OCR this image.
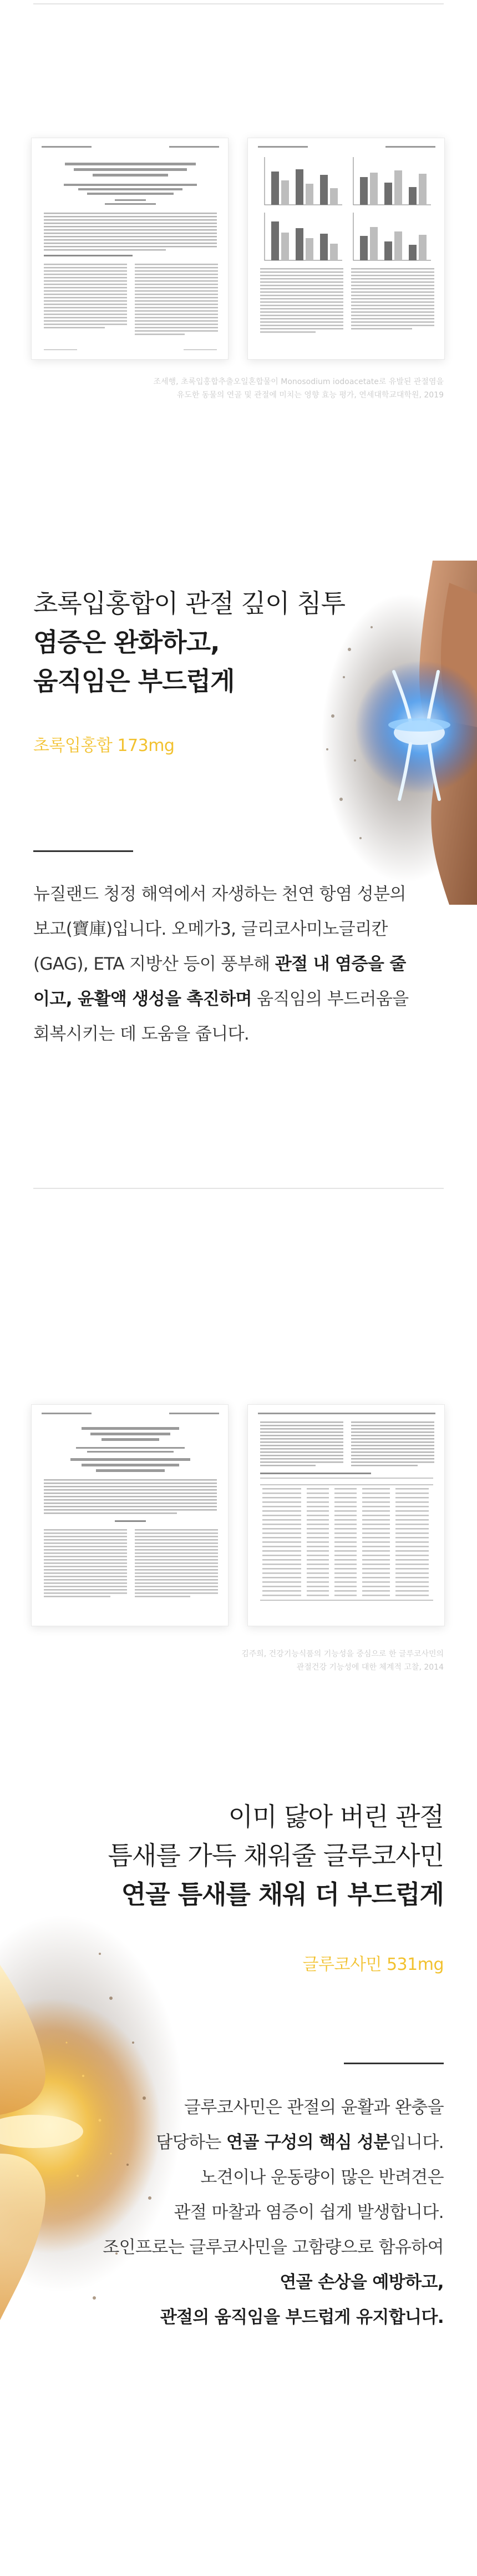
조세행, 초록입홍합추출오일혼합물이 Monosodium iodoacetate로 유발된 관절염을
유도한 동물의 연골 및 관절에 미치는 영향 효능 평가, 연세대학교대학원, 2019
초록입홍합이 관절 깊이 침투
염증은 완화하고,
움직임은 부드럽게
초록입홍합 173mg
뉴질랜드 청정 해역에서 자생하는 천연 항염 성분의
보고(寶庫)입니다. 오메가3, 글리코사미노글리칸
(GAG), ETA 지방산 등이 풍부해 관절 내 염증을 줄
이고, 윤활액 생성을 촉진하며 움직임의 부드러움을
회복시키는 데 도움을 줍니다.
김주희, 건강기능식품의 기능성을 중심으로 한 글루코사민의
관절건강 기능성에 대한 체계적 고찰, 2014
이미 닳아 버린 관절
틈새를 가득 채워줄 글루코사민
연골 틈새를 채워 더 부드럽게
글루코사민 531mg
글루코사민은 관절의 윤활과 완충을
담당하는 연골 구성의 핵심 성분입니다.
노견이나 운동량이 많은 반려견은
관절 마찰과 염증이 쉽게 발생합니다.
조인프로는 글루코사민을 고함량으로 함유하여
연골 손상을 예방하고,
관절의 움직임을 부드럽게 유지합니다.
